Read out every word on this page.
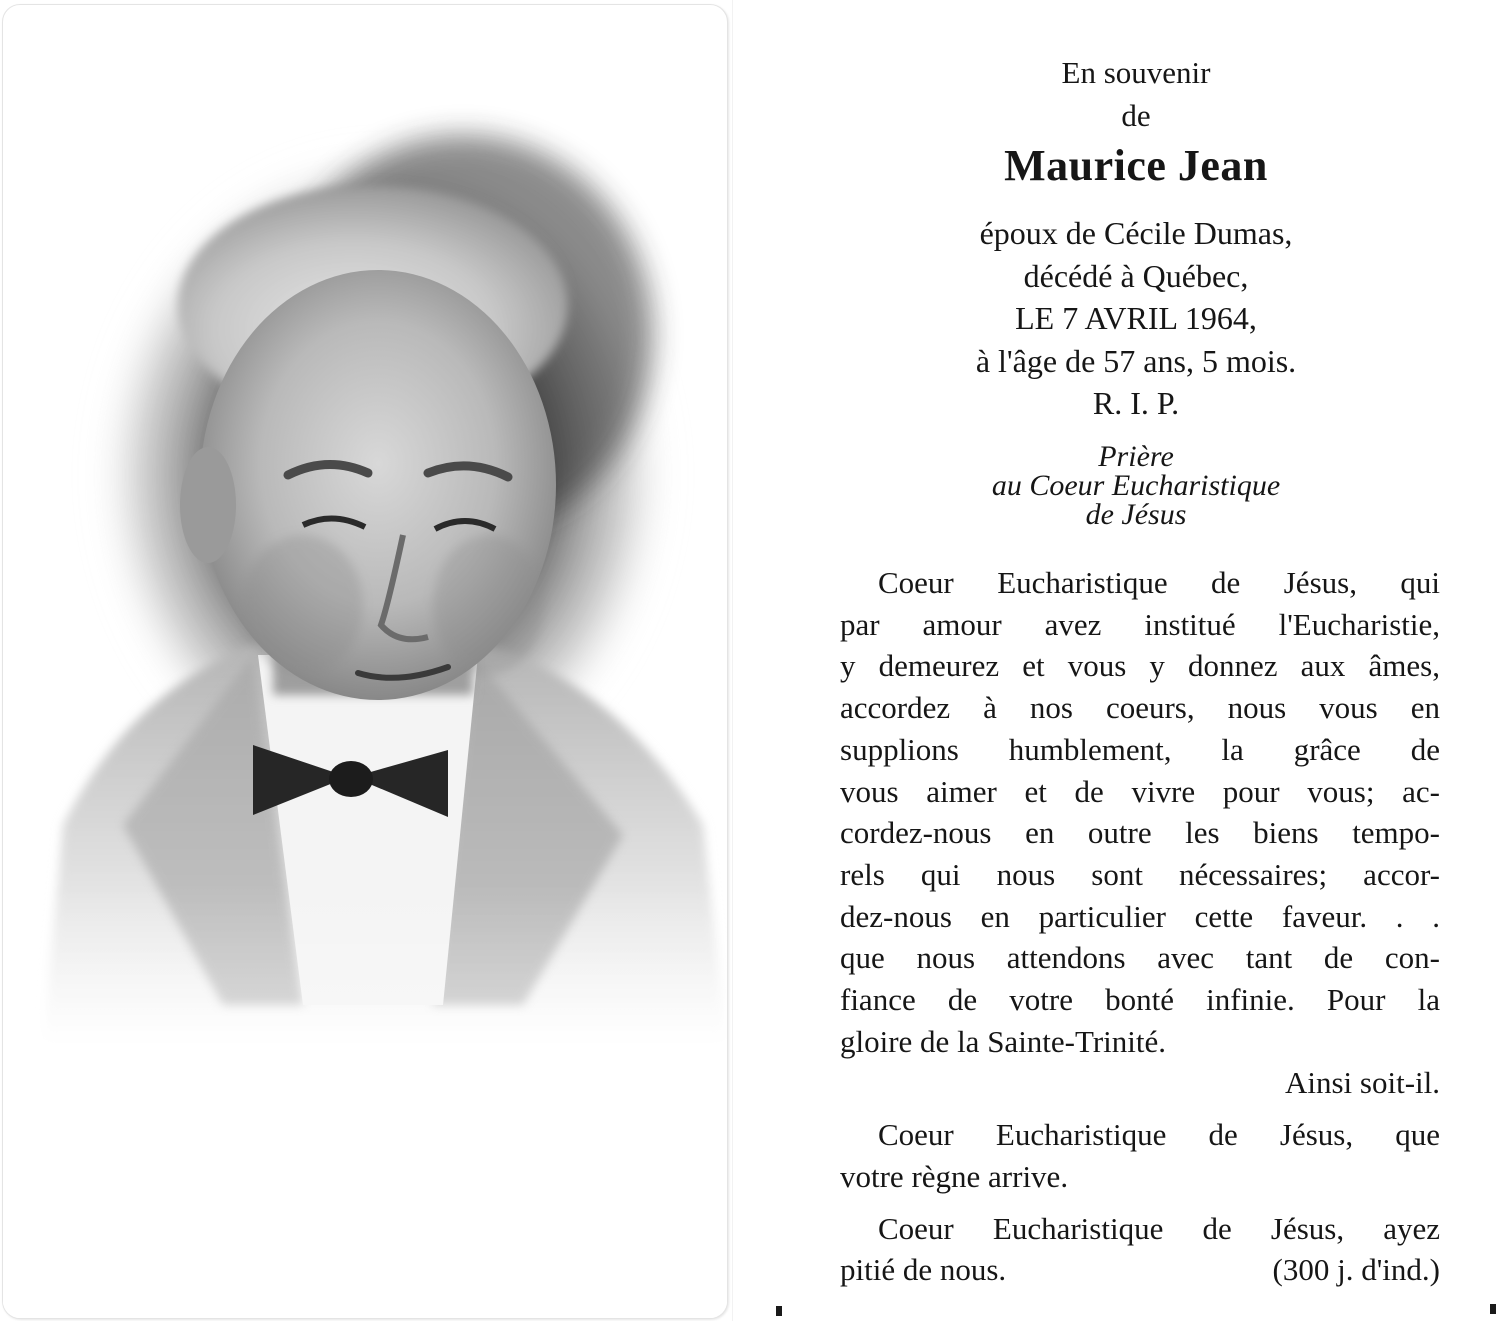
En souvenir
de
Maurice Jean
époux de Cécile Dumas,
décédé à Québec,
LE 7 AVRIL 1964,
à l'âge de 57 ans, 5 mois.
R. I. P.
Prière
au Coeur Eucharistique
de Jésus
Coeur Eucharistique de Jésus, qui
par amour avez institué l'Eucharistie,
y demeurez et vous y donnez aux âmes,
accordez à nos coeurs, nous vous en
supplions humblement, la grâce de
vous aimer et de vivre pour vous; ac-
cordez-nous en outre les biens tempo-
rels qui nous sont nécessaires; accor-
dez-nous en particulier cette faveur. . .
que nous attendons avec tant de con-
fiance de votre bonté infinie. Pour la
gloire de la Sainte-Trinité.
Ainsi soit-il.
Coeur Eucharistique de Jésus, que
votre règne arrive.
Coeur Eucharistique de Jésus, ayez
pitié de nous.	(300 j. d'ind.)
